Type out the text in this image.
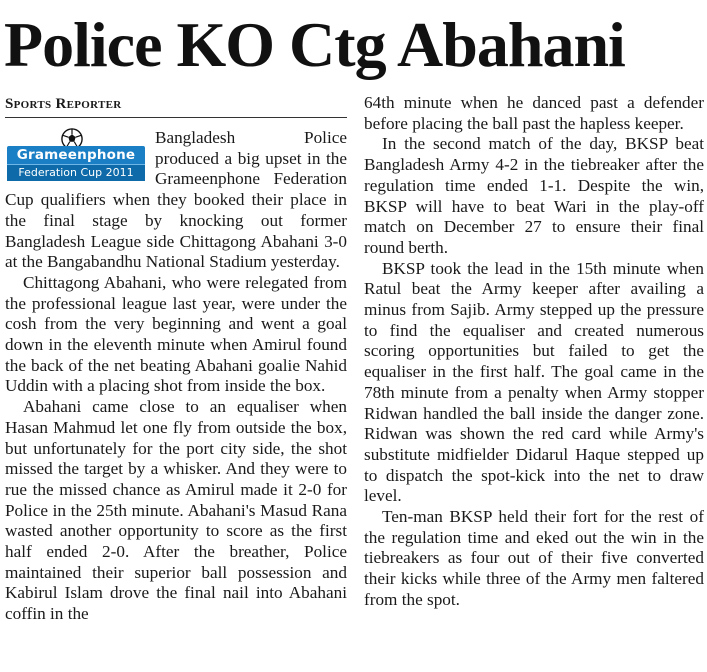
Police KO Ctg Abahani
Sports Reporter
Grameenphone
Federation Cup 2011

Bangladesh Police produced a big upset in the Grameenphone Federation Cup qualifiers when they booked their place in the final stage by knocking out former Bangladesh League side Chittagong Abahani 3-0 at the Bangabandhu National Stadium yesterday.

Chittagong Abahani, who were relegated from the professional league last year, were under the cosh from the very beginning and went a goal down in the eleventh minute when Amirul found the back of the net beating Abahani goalie Nahid Uddin with a placing shot from inside the box.

Abahani came close to an equaliser when Hasan Mahmud let one fly from outside the box, but unfortunately for the port city side, the shot missed the target by a whisker. And they were to rue the missed chance as Amirul made it 2-0 for Police in the 25th minute. Abahani's Masud Rana wasted another opportunity to score as the first half ended 2-0. After the breather, Police maintained their superior ball possession and Kabirul Islam drove the final nail into Abahani coffin in the

64th minute when he danced past a defender before placing the ball past the hapless keeper.

In the second match of the day, BKSP beat Bangladesh Army 4-2 in the tiebreaker after the regulation time ended 1-1. Despite the win, BKSP will have to beat Wari in the play-off match on December 27 to ensure their final round berth.

BKSP took the lead in the 15th minute when Ratul beat the Army keeper after availing a minus from Sajib. Army stepped up the pressure to find the equaliser and created numerous scoring opportunities but failed to get the equaliser in the first half. The goal came in the 78th minute from a penalty when Army stopper Ridwan handled the ball inside the danger zone. Ridwan was shown the red card while Army's substitute midfielder Didarul Haque stepped up to dispatch the spot-kick into the net to draw level.

Ten-man BKSP held their fort for the rest of the regulation time and eked out the win in the tiebreakers as four out of their five converted their kicks while three of the Army men faltered from the spot.
